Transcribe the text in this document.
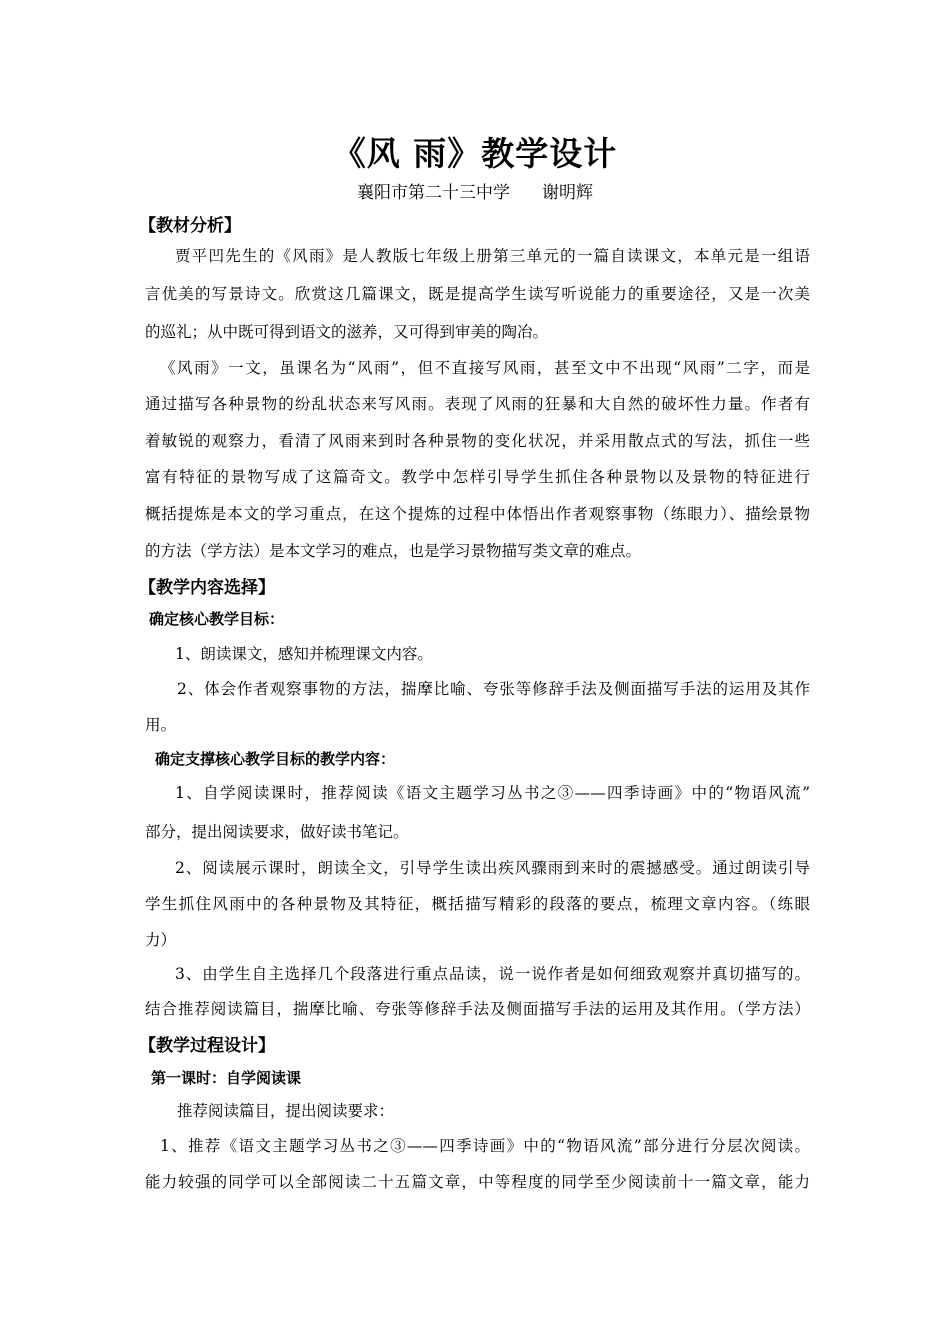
《风 雨》教学设计
襄阳市第二十三中学 谢明辉
【教材分析】
贾平凹先生的《风雨》是人教版七年级上册第三单元的一篇自读课文，本单元是一组语
言优美的写景诗文。欣赏这几篇课文，既是提高学生读写听说能力的重要途径，又是一次美
的巡礼；从中既可得到语文的滋养，又可得到审美的陶冶。
《风雨》一文，虽课名为“风雨”，但不直接写风雨，甚至文中不出现“风雨”二字，而是
通过描写各种景物的纷乱状态来写风雨。表现了风雨的狂暴和大自然的破坏性力量。作者有
着敏锐的观察力，看清了风雨来到时各种景物的变化状况，并采用散点式的写法，抓住一些
富有特征的景物写成了这篇奇文。教学中怎样引导学生抓住各种景物以及景物的特征进行
概括提炼是本文的学习重点，在这个提炼的过程中体悟出作者观察事物（练眼力）、描绘景物
的方法（学方法）是本文学习的难点，也是学习景物描写类文章的难点。
【教学内容选择】
确定核心教学目标：
1、朗读课文，感知并梳理课文内容。
2、体会作者观察事物的方法，揣摩比喻、夸张等修辞手法及侧面描写手法的运用及其作
用。
确定支撑核心教学目标的教学内容：
1、自学阅读课时，推荐阅读《语文主题学习丛书之③——四季诗画》中的“物语风流”
部分，提出阅读要求，做好读书笔记。
2、阅读展示课时，朗读全文，引导学生读出疾风骤雨到来时的震撼感受。通过朗读引导
学生抓住风雨中的各种景物及其特征，概括描写精彩的段落的要点，梳理文章内容。（练眼
力）
3、由学生自主选择几个段落进行重点品读，说一说作者是如何细致观察并真切描写的。
结合推荐阅读篇目，揣摩比喻、夸张等修辞手法及侧面描写手法的运用及其作用。（学方法）
【教学过程设计】
第一课时：自学阅读课
推荐阅读篇目，提出阅读要求：
1、推荐《语文主题学习丛书之③——四季诗画》中的“物语风流”部分进行分层次阅读。
能力较强的同学可以全部阅读二十五篇文章，中等程度的同学至少阅读前十一篇文章，能力
